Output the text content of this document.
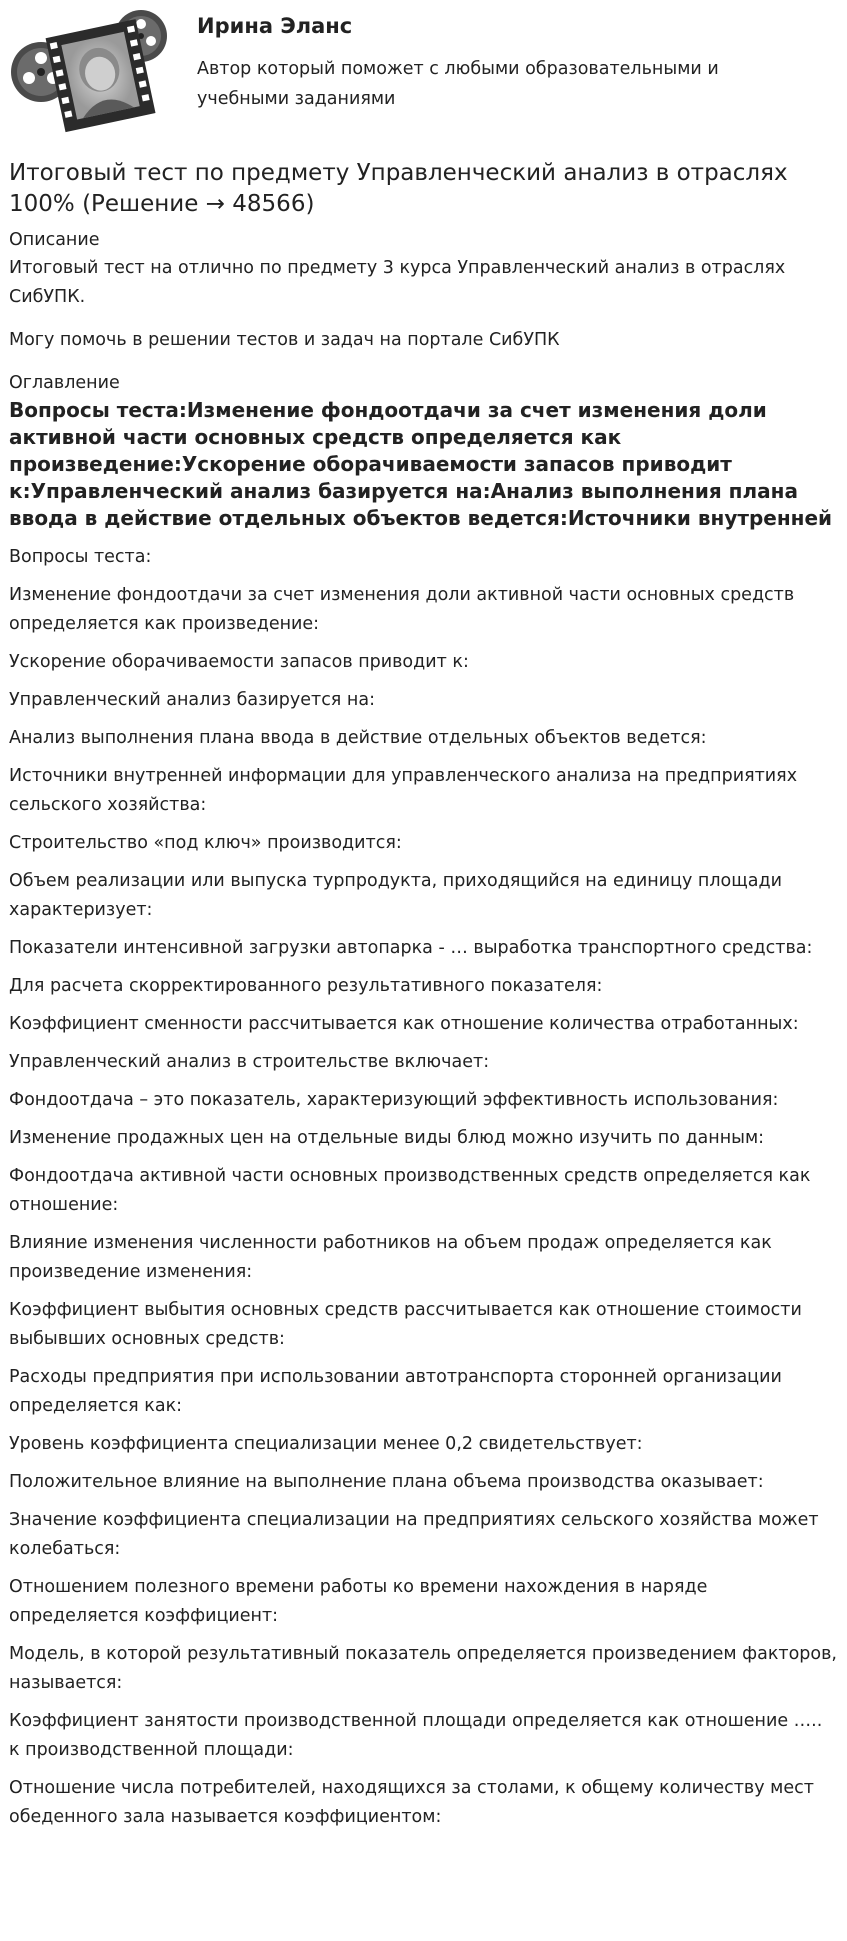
Ирина Эланс
Автор который поможет с любыми образовательными и учебными заданиями
Итоговый тест по предмету Управленческий анализ в отраслях 100% (Решение → 48566)
Описание

Итоговый тест на отлично по предмету 3 курса Управленческий анализ в отраслях СибУПК.

Могу помочь в решении тестов и задач на портале СибУПК

Оглавление
Вопросы теста:Изменение фондоотдачи за счет изменения доли активной части основных средств определяется как произведение:Ускорение оборачиваемости запасов приводит к:Управленческий анализ базируется на:Анализ выполнения плана ввода в действие отдельных объектов ведется:Источники внутренней

Вопросы теста:

Изменение фондоотдачи за счет изменения доли активной части основных средств определяется как произведение:

Ускорение оборачиваемости запасов приводит к:

Управленческий анализ базируется на:

Анализ выполнения плана ввода в действие отдельных объектов ведется:

Источники внутренней информации для управленческого анализа на предприятиях сельского хозяйства:

Строительство «под ключ» производится:

Объем реализации или выпуска турпродукта, приходящийся на единицу площади характеризует:

Показатели интенсивной загрузки автопарка - … выработка транспортного средства:

Для расчета скорректированного результативного показателя:

Коэффициент сменности рассчитывается как отношение количества отработанных:

Управленческий анализ в строительстве включает:

Фондоотдача – это показатель, характеризующий эффективность использования:

Изменение продажных цен на отдельные виды блюд можно изучить по данным:

Фондоотдача активной части основных производственных средств определяется как отношение:

Влияние изменения численности работников на объем продаж определяется как произведение изменения:

Коэффициент выбытия основных средств рассчитывается как отношение стоимости выбывших основных средств:

Расходы предприятия при использовании автотранспорта сторонней организации определяется как:

Уровень коэффициента специализации менее 0,2 свидетельствует:

Положительное влияние на выполнение плана объема производства оказывает:

Значение коэффициента специализации на предприятиях сельского хозяйства может колебаться:

Отношением полезного времени работы ко времени нахождения в наряде определяется коэффициент:

Модель, в которой результативный показатель определяется произведением факторов, называется:

Коэффициент занятости производственной площади определяется как отношение ….. к производственной площади:

Отношение числа потребителей, находящихся за столами, к общему количеству мест обеденного зала называется коэффициентом:
